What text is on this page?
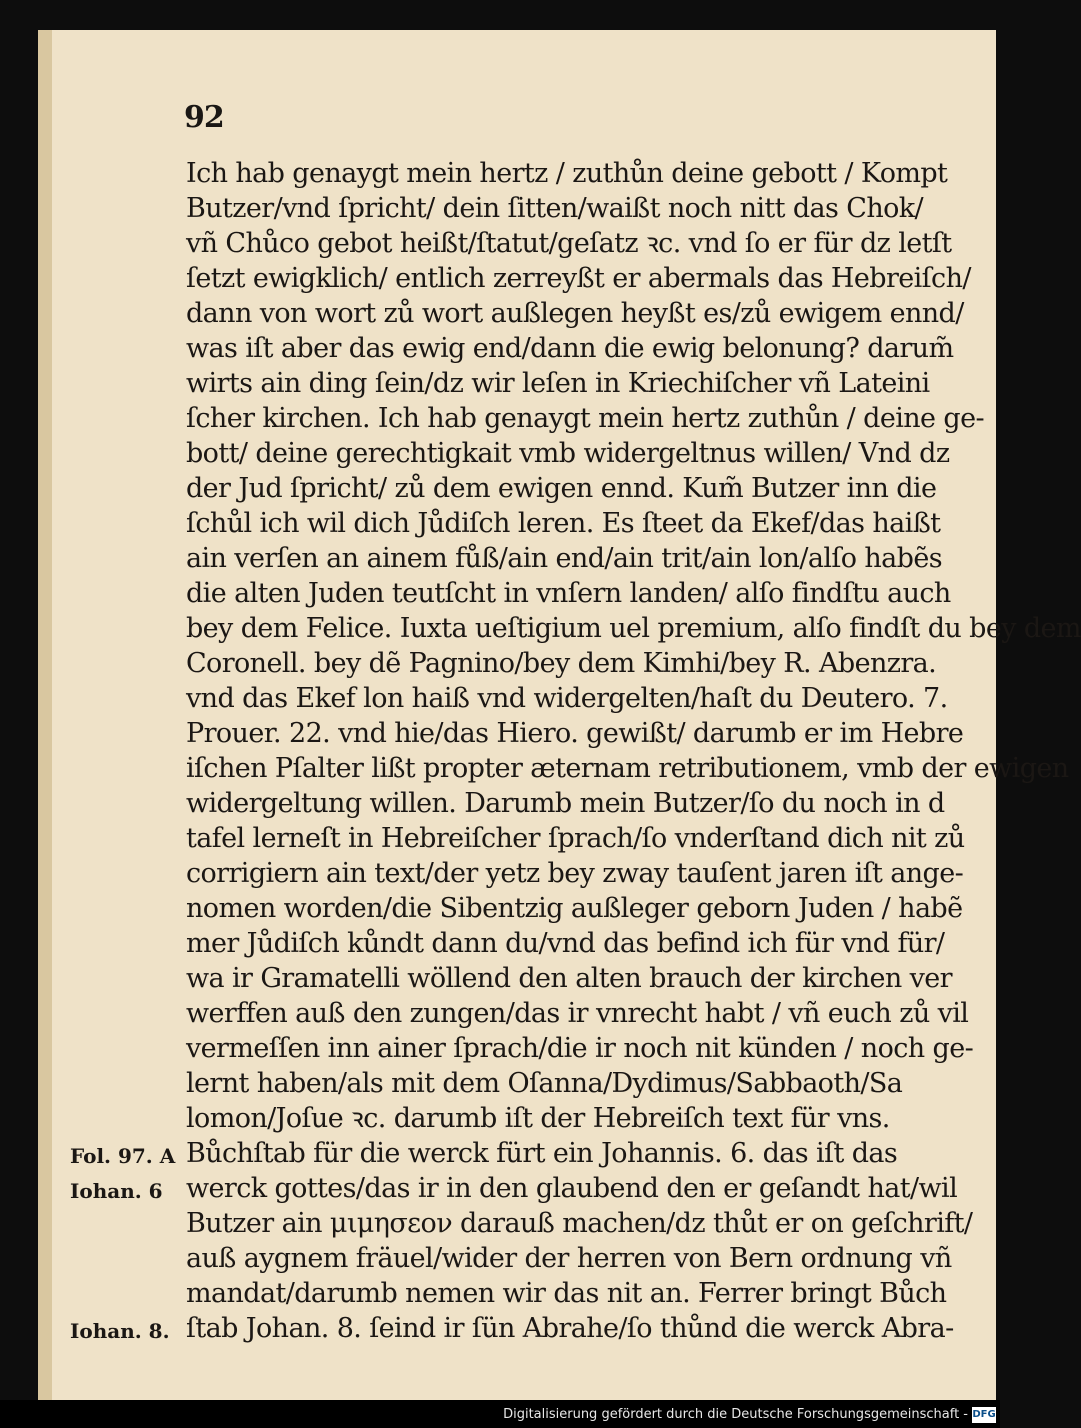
92
Ich hab genaygt mein hertz / zuthůn deine gebott / Kompt
Butzer/vnd ſpricht/ dein ſitten/waißt noch nitt das Chok/
vñ Chůco gebot heißt/ſtatut/geſatz ꝛc. vnd ſo er für dz letſt
ſetzt ewigklich/ entlich zerreyßt er abermals das Hebreiſch/
dann von wort zů wort außlegen heyßt es/zů ewigem ennd/
was iſt aber das ewig end/dann die ewig belonung? darum̃
wirts ain ding ſein/dz wir leſen in Kriechiſcher vñ Lateini
ſcher kirchen. Ich hab genaygt mein hertz zuthůn / deine ge-
bott/ deine gerechtigkait vmb widergeltnus willen/ Vnd dz
der Jud ſpricht/ zů dem ewigen ennd. Kum̃ Butzer inn die
ſchůl ich wil dich Jůdiſch leren. Es ſteet da Ekef/das haißt
ain verſen an ainem fůß/ain end/ain trit/ain lon/alſo habẽs
die alten Juden teutſcht in vnſern landen/ alſo findſtu auch
bey dem Felice. Iuxta ueſtigium uel premium, alſo findſt du bey dem
Coronell. bey dẽ Pagnino/bey dem Kimhi/bey R. Abenzra.
vnd das Ekef lon haiß vnd widergelten/haſt du Deutero. 7.
Prouer. 22. vnd hie/das Hiero. gewißt/ darumb er im Hebre
iſchen Pſalter lißt propter æternam retributionem, vmb der ewigen
widergeltung willen. Darumb mein Butzer/ſo du noch in d
tafel lerneſt in Hebreiſcher ſprach/ſo vnderſtand dich nit zů
corrigiern ain text/der yetz bey zway tauſent jaren iſt ange-
nomen worden/die Sibentzig außleger geborn Juden / habẽ
mer Jůdiſch kůndt dann du/vnd das befind ich für vnd für/
wa ir Gramatelli wöllend den alten brauch der kirchen ver
werffen auß den zungen/das ir vnrecht habt / vñ euch zů vil
vermeſſen inn ainer ſprach/die ir noch nit künden / noch ge-
lernt haben/als mit dem Oſanna/Dydimus/Sabbaoth/Sa
lomon/Joſue ꝛc. darumb iſt der Hebreiſch text für vns.
Bůchſtab für die werck fürt ein Johannis. 6. das iſt das
werck gottes/das ir in den glaubend den er geſandt hat/wil
Butzer ain μιμησεον darauß machen/dz thůt er on geſchrift/
auß aygnem fräuel/wider der herren von Bern ordnung vñ
mandat/darumb nemen wir das nit an. Ferrer bringt Bůch
ſtab Johan. 8. ſeind ir ſün Abrahe/ſo thůnd die werck Abra-
Fol. 97. A
Iohan. 6
Iohan. 8.
Digitalisierung gefördert durch die Deutsche Forschungsgemeinschaft - DFG
